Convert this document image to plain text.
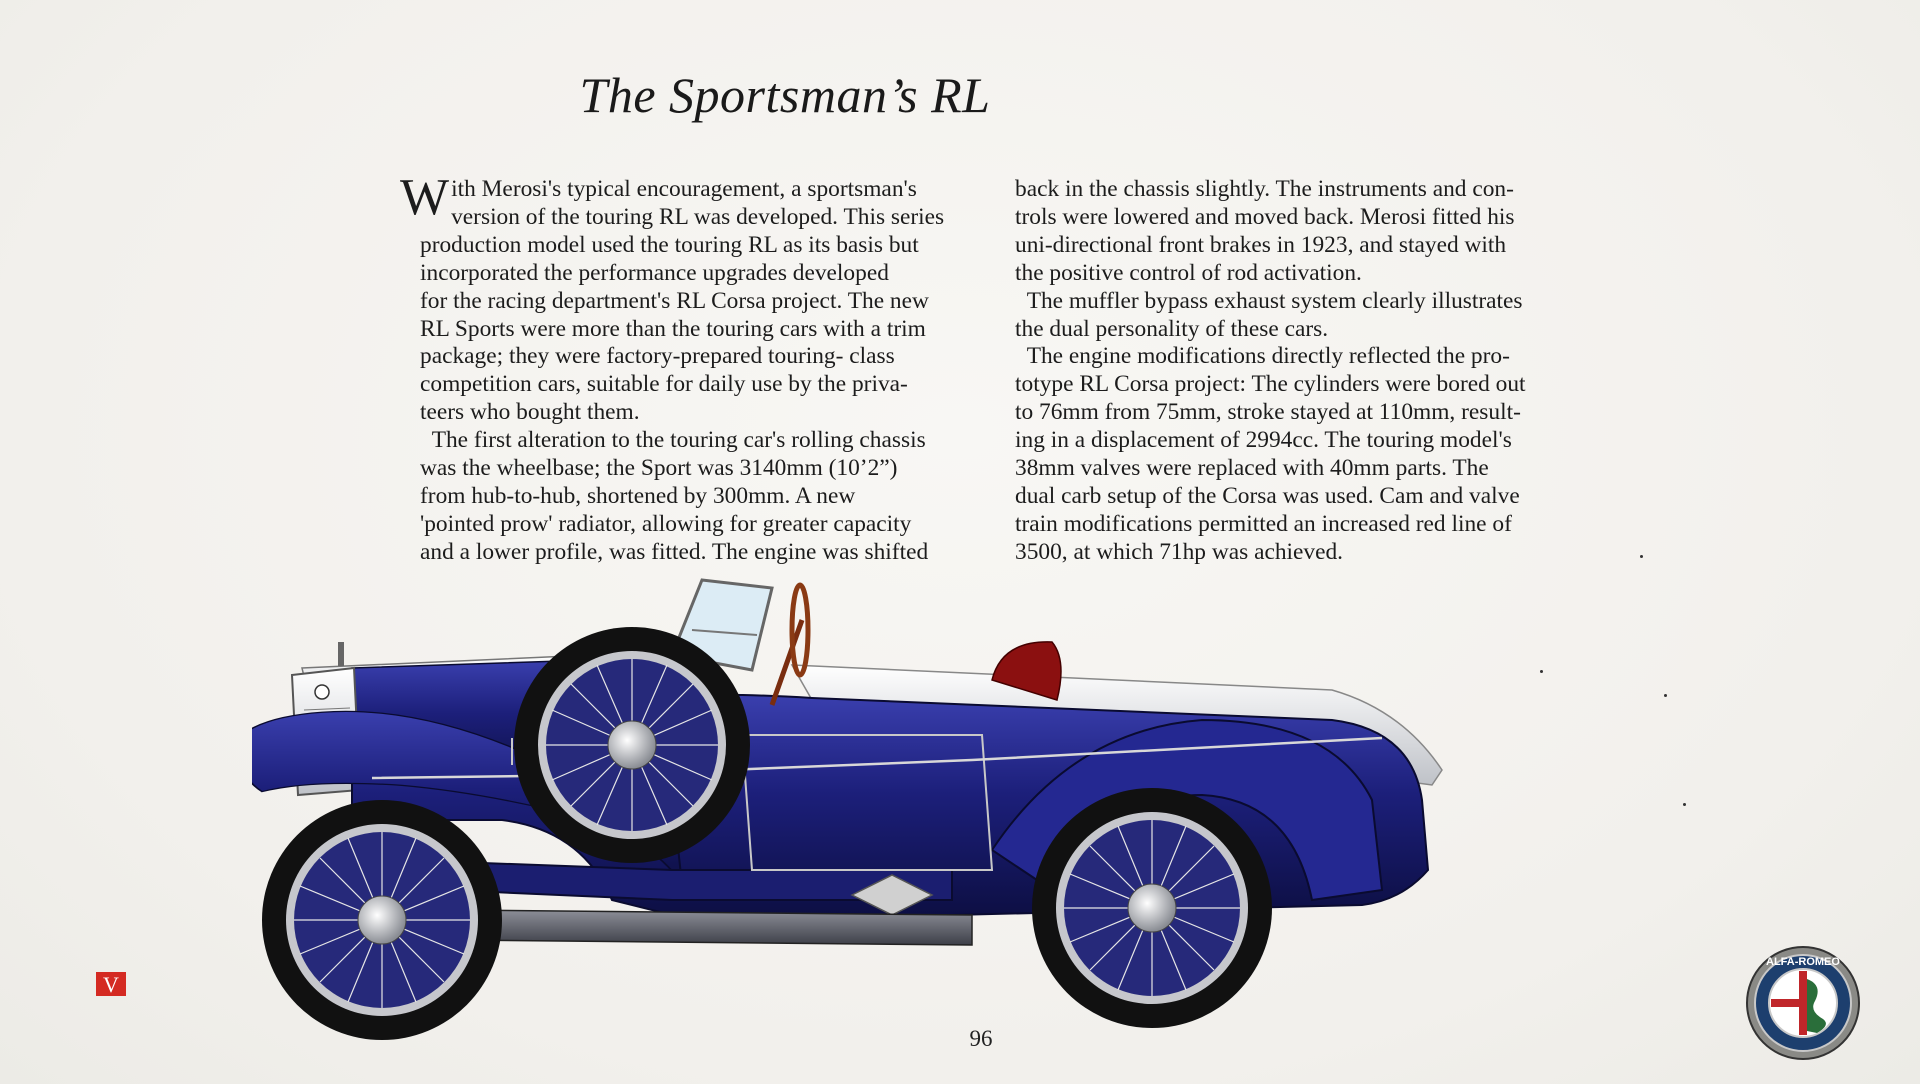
The Sportsman’s RL

With Merosi's typical encouragement, a sportsman's

version of the touring RL was developed. This series

production model used the touring RL as its basis but

incorporated the performance upgrades developed

for the racing department's RL Corsa project. The new

RL Sports were more than the touring cars with a trim

package; they were factory-prepared touring- class

competition cars, suitable for daily use by the priva-

teers who bought them.

The first alteration to the touring car's rolling chassis

was the wheelbase; the Sport was 3140mm (10’2”)

from hub-to-hub, shortened by 300mm. A new

'pointed prow' radiator, allowing for greater capacity

and a lower profile, was fitted. The engine was shifted

back in the chassis slightly. The instruments and con-

trols were lowered and moved back. Merosi fitted his

uni-directional front brakes in 1923, and stayed with

the positive control of rod activation.

The muffler bypass exhaust system clearly illustrates

the dual personality of these cars.

The engine modifications directly reflected the pro-

totype RL Corsa project: The cylinders were bored out

to 76mm from 75mm, stroke stayed at 110mm, result-

ing in a displacement of 2994cc. The touring model's

38mm valves were replaced with 40mm parts. The

dual carb setup of the Corsa was used. Cam and valve

train modifications permitted an increased red line of

3500, at which 71hp was achieved.

V
ALFA-ROMEO
96
